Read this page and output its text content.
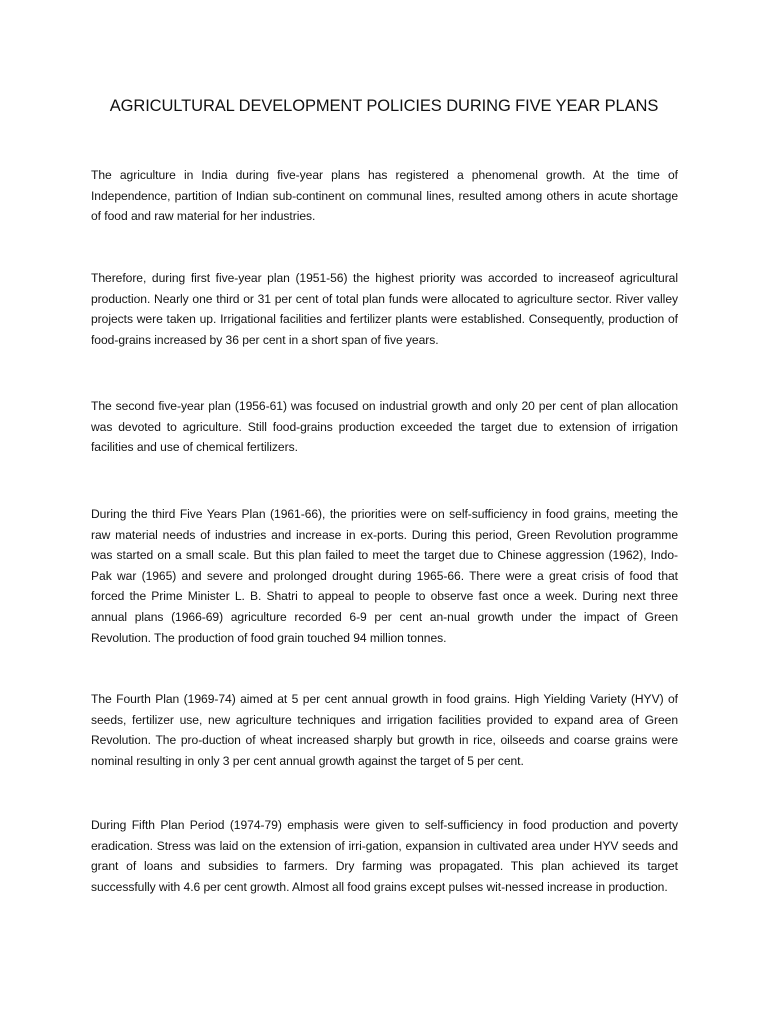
AGRICULTURAL DEVELOPMENT POLICIES DURING FIVE YEAR PLANS

The agriculture in India during five-year plans has registered a phenomenal growth. At the time of Independence, partition of Indian sub-continent on communal lines, resulted among others in acute shortage of food and raw material for her industries.

Therefore, during first five-year plan (1951-56) the highest priority was accorded to increaseof agricultural production. Nearly one third or 31 per cent of total plan funds were allocated to agriculture sector. River valley projects were taken up. Irrigational facilities and fertilizer plants were established. Consequently, production of food-grains increased by 36 per cent in a short span of five years.

The second five-year plan (1956-61) was focused on industrial growth and only 20 per cent of plan allocation was devoted to agriculture. Still food-grains production exceeded the target due to extension of irrigation facilities and use of chemical fertilizers.

During the third Five Years Plan (1961-66), the priorities were on self-sufficiency in food grains, meeting the raw material needs of industries and increase in ex-ports. During this period, Green Revolution programme was started on a small scale. But this plan failed to meet the target due to Chinese aggression (1962), Indo-Pak war (1965) and severe and prolonged drought during 1965-66. There were a great crisis of food that forced the Prime Minister L. B. Shatri to appeal to people to observe fast once a week. During next three annual plans (1966-69) agriculture recorded 6-9 per cent an-nual growth under the impact of Green Revolution. The production of food grain touched 94 million tonnes.

The Fourth Plan (1969-74) aimed at 5 per cent annual growth in food grains. High Yielding Variety (HYV) of seeds, fertilizer use, new agriculture techniques and irrigation facilities provided to expand area of Green Revolution. The pro-duction of wheat increased sharply but growth in rice, oilseeds and coarse grains were nominal resulting in only 3 per cent annual growth against the target of 5 per cent.

During Fifth Plan Period (1974-79) emphasis were given to self-sufficiency in food production and poverty eradication. Stress was laid on the extension of irri-gation, expansion in cultivated area under HYV seeds and grant of loans and subsidies to farmers. Dry farming was propagated. This plan achieved its target successfully with 4.6 per cent growth. Almost all food grains except pulses wit-nessed increase in production.
